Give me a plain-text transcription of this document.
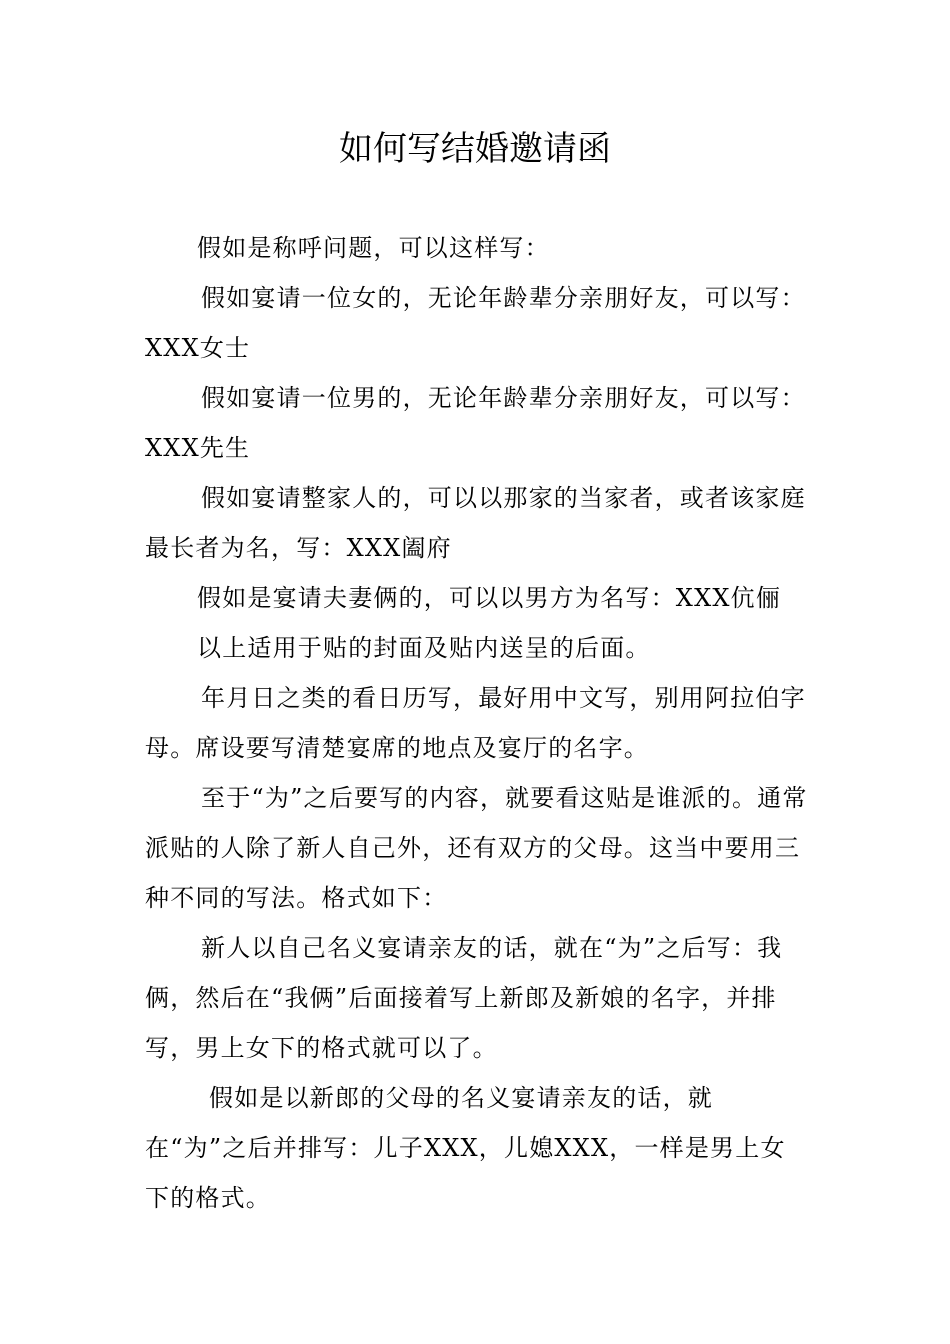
如何写结婚邀请函

假如是称呼问题，可以这样写：

假如宴请一位女的，无论年龄辈分亲朋好友，可以写：XXX女士

假如宴请一位男的，无论年龄辈分亲朋好友，可以写：XXX先生

假如宴请整家人的，可以以那家的当家者，或者该家庭最长者为名，写：XXX阖府

假如是宴请夫妻俩的，可以以男方为名写：XXX伉俪

以上适用于贴的封面及贴内送呈的后面。

年月日之类的看日历写，最好用中文写，别用阿拉伯字母。席设要写清楚宴席的地点及宴厅的名字。

至于“为”之后要写的内容，就要看这贴是谁派的。通常派贴的人除了新人自己外，还有双方的父母。这当中要用三种不同的写法。格式如下：

新人以自己名义宴请亲友的话，就在“为”之后写：我俩，然后在“我俩”后面接着写上新郎及新娘的名字，并排写，男上女下的格式就可以了。

假如是以新郎的父母的名义宴请亲友的话，就在“为”之后并排写：儿子XXX，儿媳XXX，一样是男上女下的格式。
